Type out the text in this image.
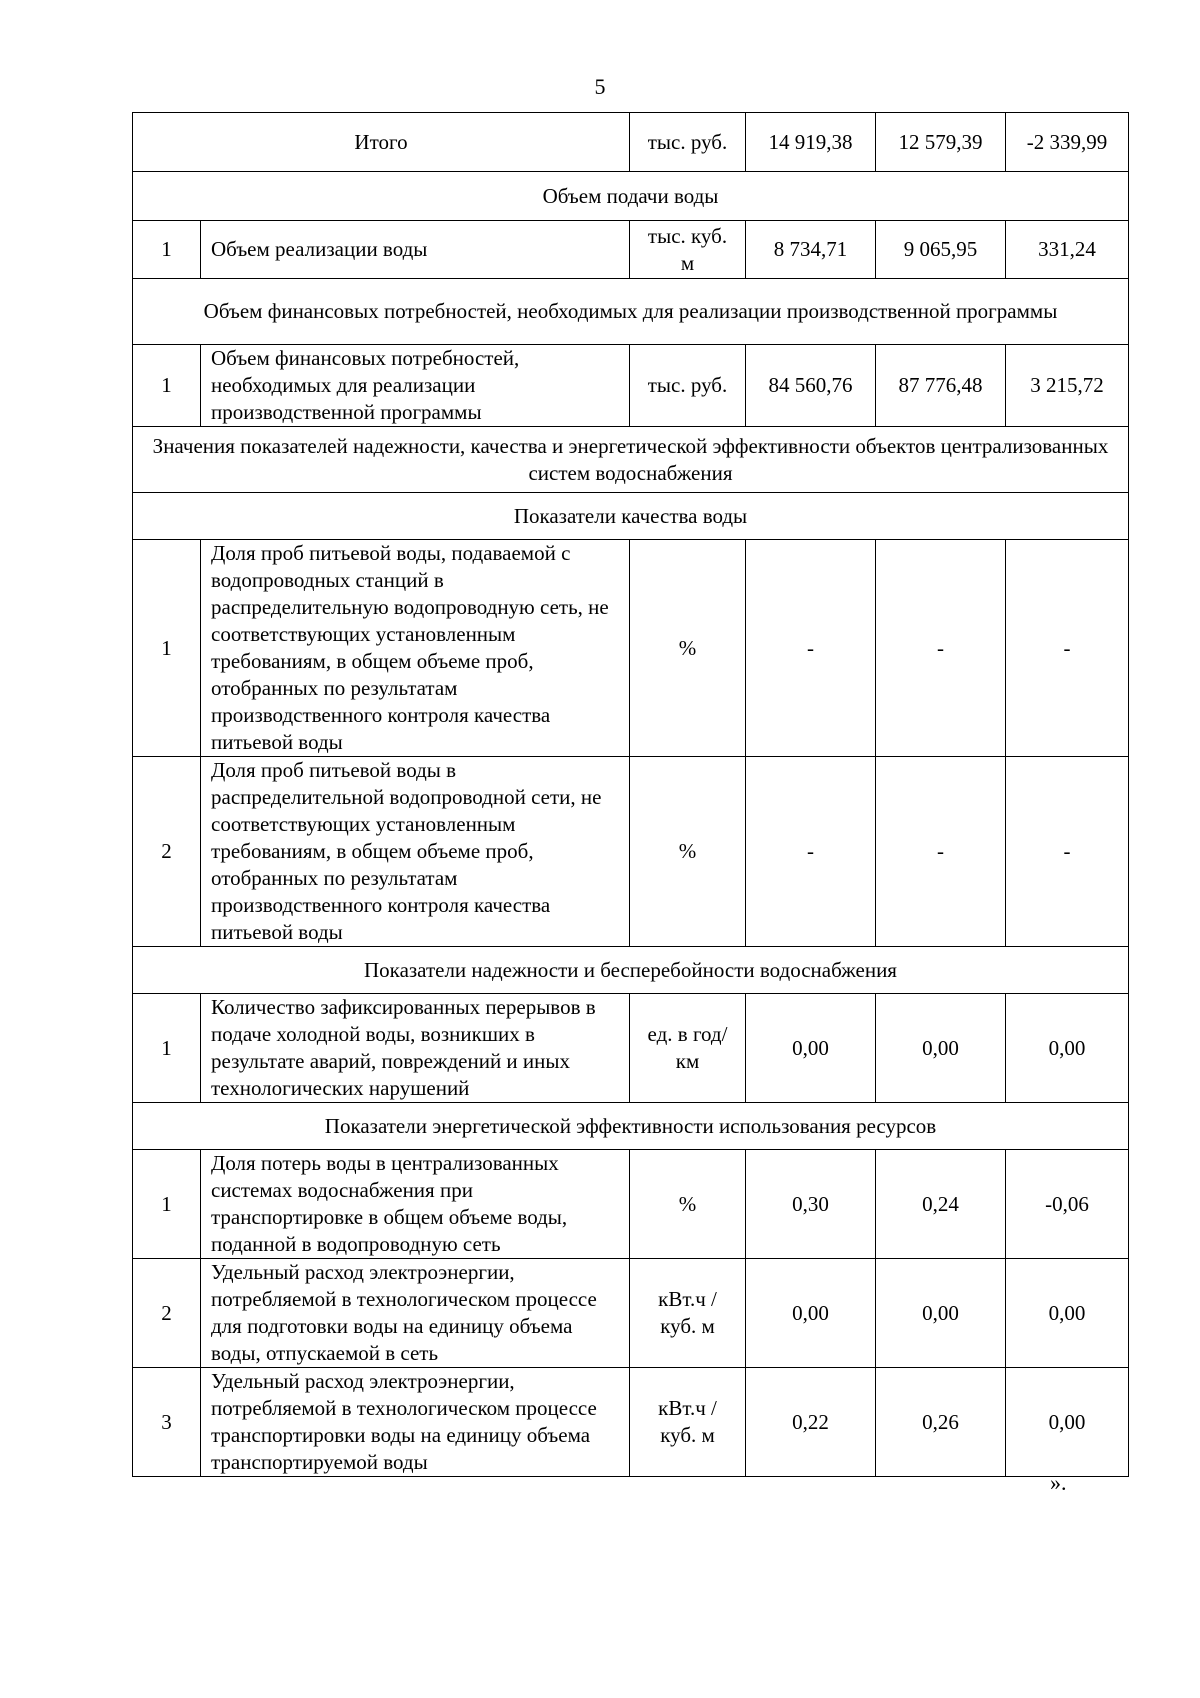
5
Итого		тыс. руб.	14 919,38	12 579,39	-2 339,99
Объем подачи воды					
1	Объем реализации воды	тыс. куб. м	8 734,71	9 065,95	331,24
Объем финансовых потребностей, необходимых для реализации производственной программы					
1	Объем финансовых потребностей, необходимых для реализации производственной программы	тыс. руб.	84 560,76	87 776,48	3 215,72
Значения показателей надежности, качества и энергетической эффективности объектов централизованных систем водоснабжения					
Показатели качества воды					
1	Доля проб питьевой воды, подаваемой с водопроводных станций в распределительную водопроводную сеть, не соответствующих установленным требованиям, в общем объеме проб, отобранных по результатам производственного контроля качества питьевой воды	%	-	-	-
2	Доля проб питьевой воды в распределительной водопроводной сети, не соответствующих установленным требованиям, в общем объеме проб, отобранных по результатам производственного контроля качества питьевой воды	%	-	-	-
Показатели надежности и бесперебойности водоснабжения					
1	Количество зафиксированных перерывов в подаче холодной воды, возникших в результате аварий, повреждений и иных технологических нарушений	ед. в год/ км	0,00	0,00	0,00
Показатели энергетической эффективности использования ресурсов					
1	Доля потерь воды в централизованных системах водоснабжения при транспортировке в общем объеме воды, поданной в водопроводную сеть	%	0,30	0,24	-0,06
2	Удельный расход электроэнергии, потребляемой в технологическом процессе для подготовки воды на единицу объема воды, отпускаемой в сеть	кВт.ч / куб. м	0,00	0,00	0,00
3	Удельный расход электроэнергии, потребляемой в технологическом процессе транспортировки воды на единицу объема транспортируемой воды	кВт.ч / куб. м	0,22	0,26	0,00
».
